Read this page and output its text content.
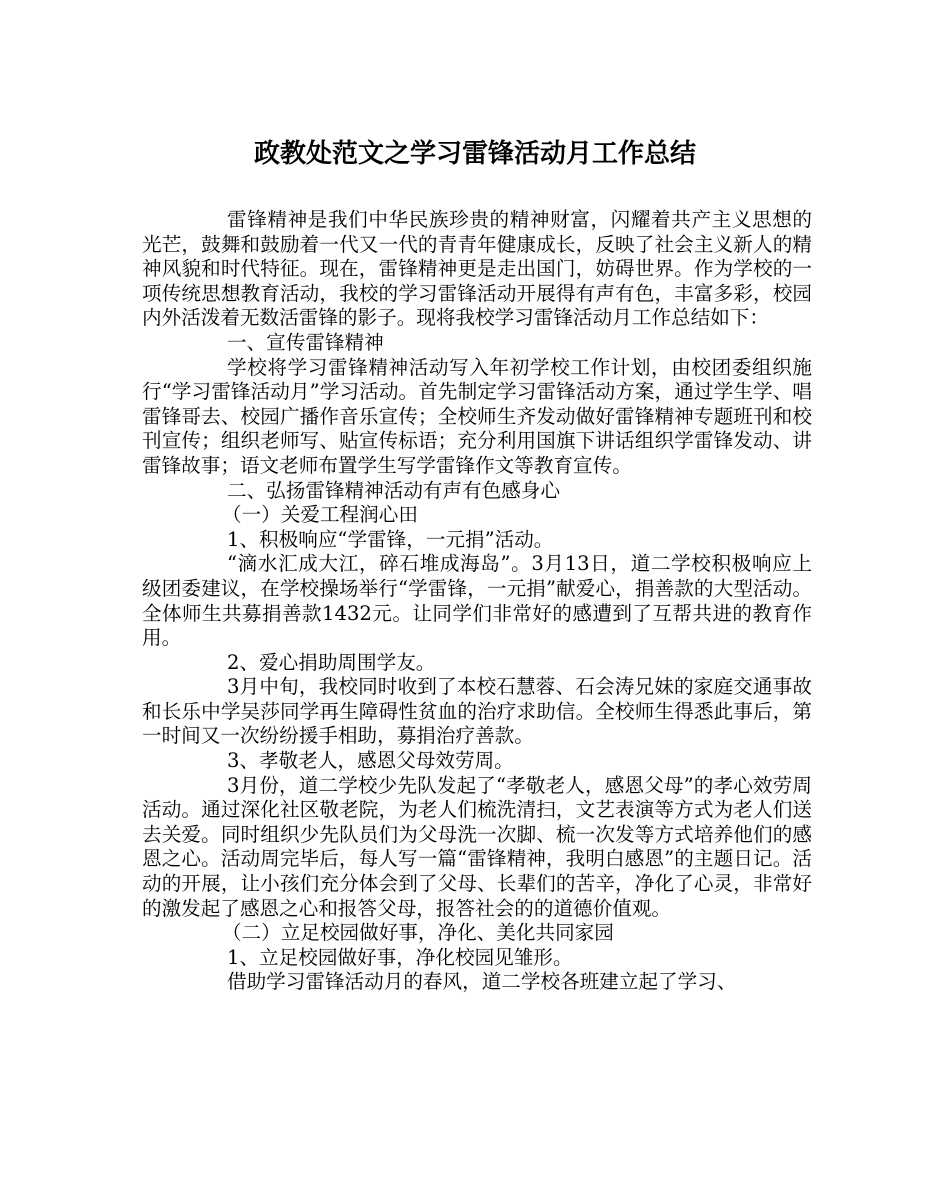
政教处范文之学习雷锋活动月工作总结

雷锋精神是我们中华民族珍贵的精神财富，闪耀着共产主义思想的光芒，鼓舞和鼓励着一代又一代的青青年健康成长，反映了社会主义新人的精神风貌和时代特征。现在，雷锋精神更是走出国门，妨碍世界。作为学校的一项传统思想教育活动，我校的学习雷锋活动开展得有声有色，丰富多彩，校园内外活泼着无数活雷锋的影子。现将我校学习雷锋活动月工作总结如下：

一、宣传雷锋精神

学校将学习雷锋精神活动写入年初学校工作计划，由校团委组织施行“学习雷锋活动月”学习活动。首先制定学习雷锋活动方案，通过学生学、唱雷锋哥去、校园广播作音乐宣传；全校师生齐发动做好雷锋精神专题班刊和校刊宣传；组织老师写、贴宣传标语；充分利用国旗下讲话组织学雷锋发动、讲雷锋故事；语文老师布置学生写学雷锋作文等教育宣传。

二、弘扬雷锋精神活动有声有色感身心

（一）关爱工程润心田

1、积极响应“学雷锋，一元捐”活动。

“滴水汇成大江，碎石堆成海岛”。3月13日，道二学校积极响应上级团委建议，在学校操场举行“学雷锋，一元捐”献爱心，捐善款的大型活动。全体师生共募捐善款1432元。让同学们非常好的感遭到了互帮共进的教育作用。

2、爱心捐助周围学友。

3月中旬，我校同时收到了本校石慧蓉、石会涛兄妹的家庭交通事故和长乐中学吴莎同学再生障碍性贫血的治疗求助信。全校师生得悉此事后，第一时间又一次纷纷援手相助，募捐治疗善款。

3、孝敬老人，感恩父母效劳周。

3月份，道二学校少先队发起了“孝敬老人，感恩父母”的孝心效劳周活动。通过深化社区敬老院，为老人们梳洗清扫，文艺表演等方式为老人们送去关爱。同时组织少先队员们为父母洗一次脚、梳一次发等方式培养他们的感恩之心。活动周完毕后，每人写一篇“雷锋精神，我明白感恩”的主题日记。活动的开展，让小孩们充分体会到了父母、长辈们的苦辛，净化了心灵，非常好的激发起了感恩之心和报答父母，报答社会的的道德价值观。

（二）立足校园做好事，净化、美化共同家园

1、立足校园做好事，净化校园见雏形。

借助学习雷锋活动月的春风，道二学校各班建立起了学习、
